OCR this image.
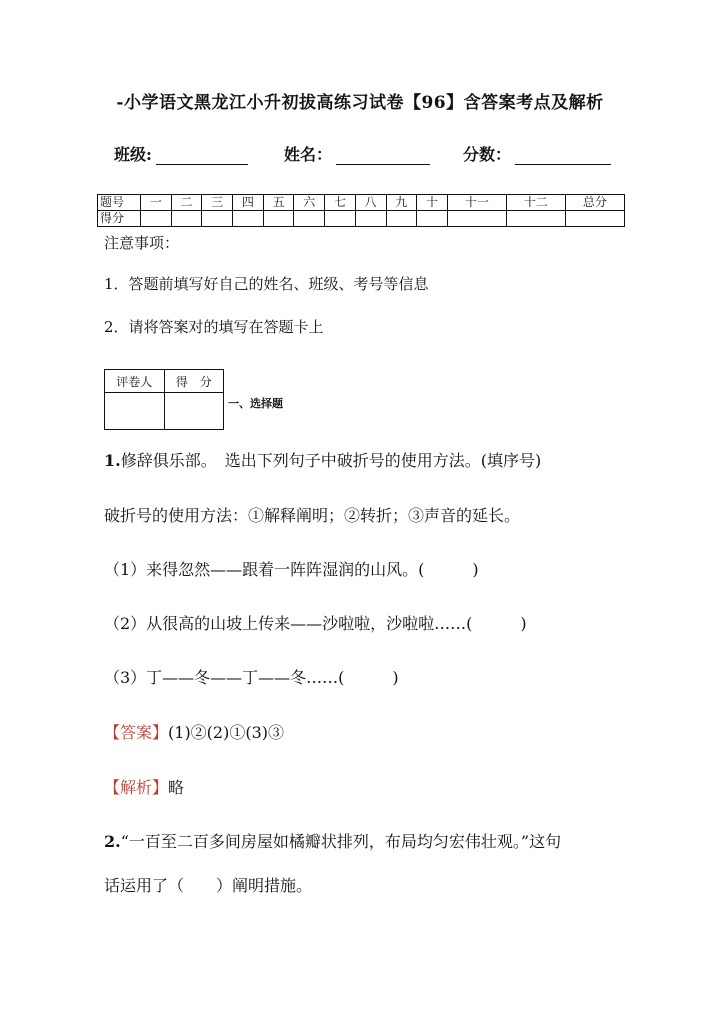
-小学语文黑龙江小升初拔高练习试卷【96】含答案考点及解析
班级:	姓名：	分数：
题号	一	二	三	四	五	六	七	八	九	十	十一	十二	总分
得分													
注意事项：
1．答题前填写好自己的姓名、班级、考号等信息
2．请将答案对的填写在答题卡上
评卷人	得　分

一、选择题
1.修辞俱乐部。　选出下列句子中破折号的使用方法。(填序号)
破折号的使用方法：①解释阐明；②转折；③声音的延长。
（1）来得忽然——跟着一阵阵湿润的山风。(　　　)
（2）从很高的山坡上传来——沙啦啦，沙啦啦……(　　　)
（3）丁——冬——丁——冬……(　　　)
【答案】(1)②(2)①(3)③
【解析】略
2.“一百至二百多间房屋如橘瓣状排列，布局均匀宏伟壮观。”这句
话运用了（　　）阐明措施。
